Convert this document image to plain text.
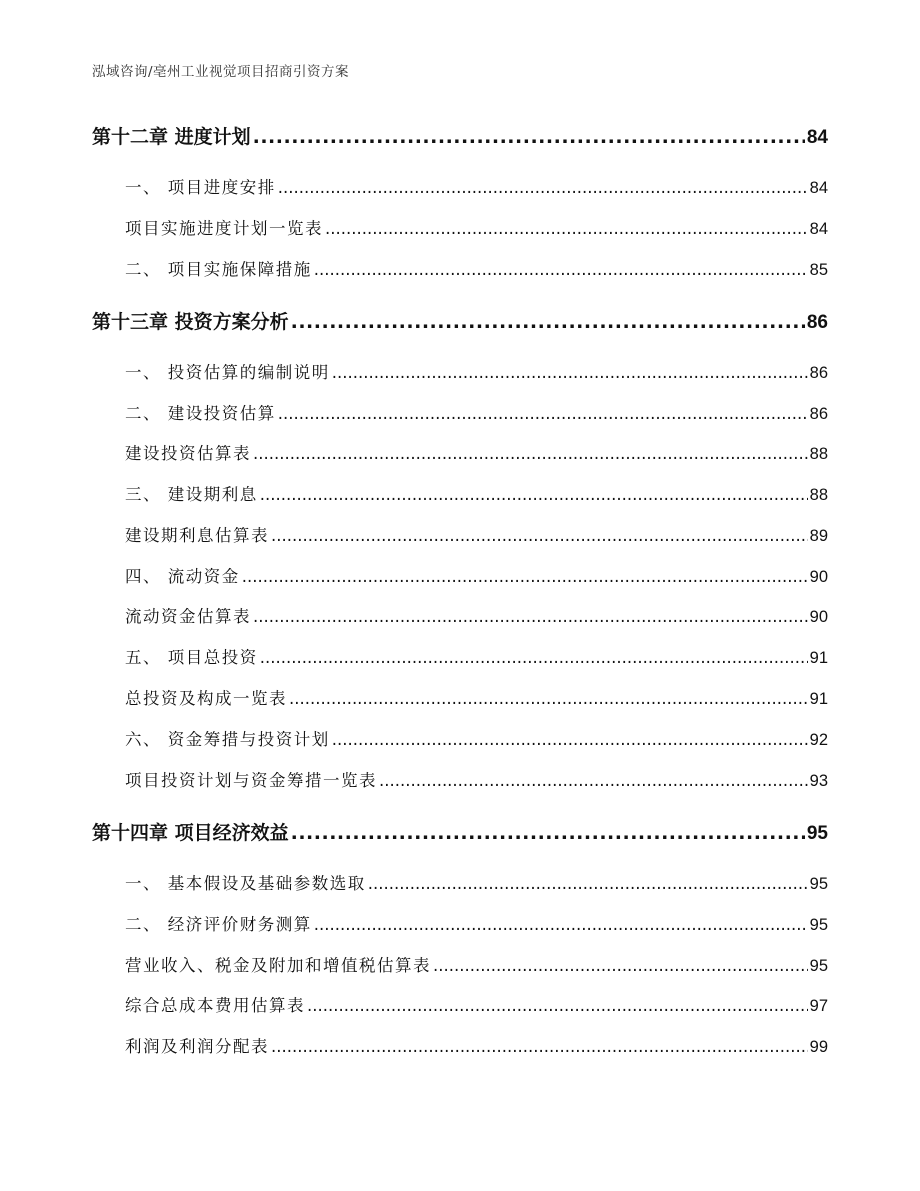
泓域咨询/亳州工业视觉项目招商引资方案
第十二章 进度计划 .....	84
一、 项目进度安排 .....	84
项目实施进度计划一览表 .....	84
二、 项目实施保障措施 .....	85
第十三章 投资方案分析 .....	86
一、 投资估算的编制说明 .....	86
二、 建设投资估算 .....	86
建设投资估算表 .....	88
三、 建设期利息 .....	88
建设期利息估算表 .....	89
四、 流动资金 .....	90
流动资金估算表 .....	90
五、 项目总投资 .....	91
总投资及构成一览表 .....	91
六、 资金筹措与投资计划 .....	92
项目投资计划与资金筹措一览表 .....	93
第十四章 项目经济效益 .....	95
一、 基本假设及基础参数选取 .....	95
二、 经济评价财务测算 .....	95
营业收入、税金及附加和增值税估算表 .....	95
综合总成本费用估算表 .....	97
利润及利润分配表 .....	99
